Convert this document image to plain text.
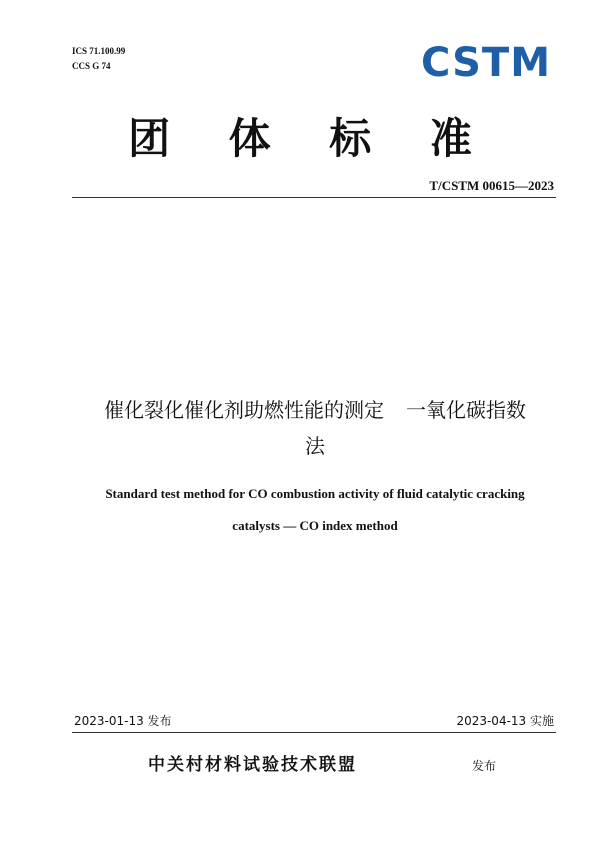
ICS 71.100.99
CCS G 74	CSTM
团 体 标 准
T/CSTM 00615—2023
催化裂化催化剂助燃性能的测定 一氧化碳指数
法
Standard test method for CO combustion activity of fluid catalytic cracking
catalysts — CO index method
2023-01-13 发布	2023-04-13 实施
中关村材料试验技术联盟	发布
